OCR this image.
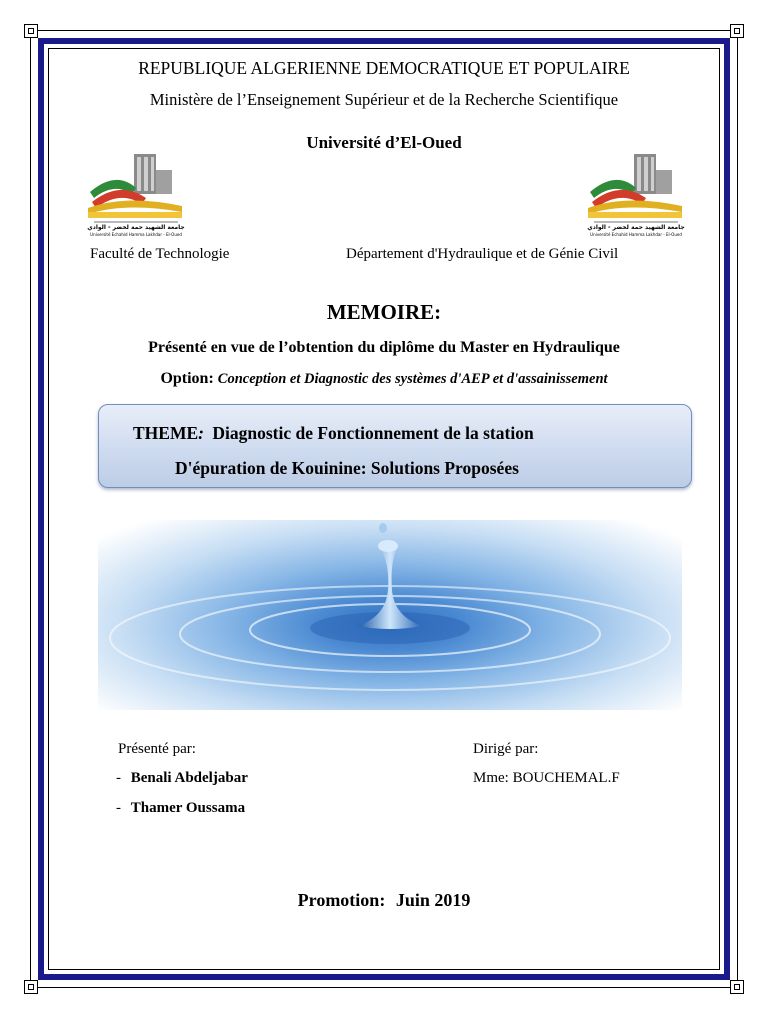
REPUBLIQUE ALGERIENNE DEMOCRATIQUE ET POPULAIRE
Ministère de l’Enseignement Supérieur et de la Recherche Scientifique
Université d’El-Oued
جامعة الشهيد حمة لخضر - الوادي
Université Echahid Hamma Lakhdar - El-Oued
جامعة الشهيد حمة لخضر - الوادي
Université Echahid Hamma Lakhdar - El-Oued
Faculté de Technologie	Département d'Hydraulique et de Génie Civil
MEMOIRE:
Présenté en vue de l’obtention du diplôme du Master en Hydraulique
Option: Conception et Diagnostic des systèmes d'AEP et d'assainissement
THEME: Diagnostic de Fonctionnement de la station
D'épuration de Kouinine: Solutions Proposées
Présenté par:
- Benali Abdeljabar
- Thamer Oussama
Dirigé par:
Mme: BOUCHEMAL.F
Promotion: Juin 2019
